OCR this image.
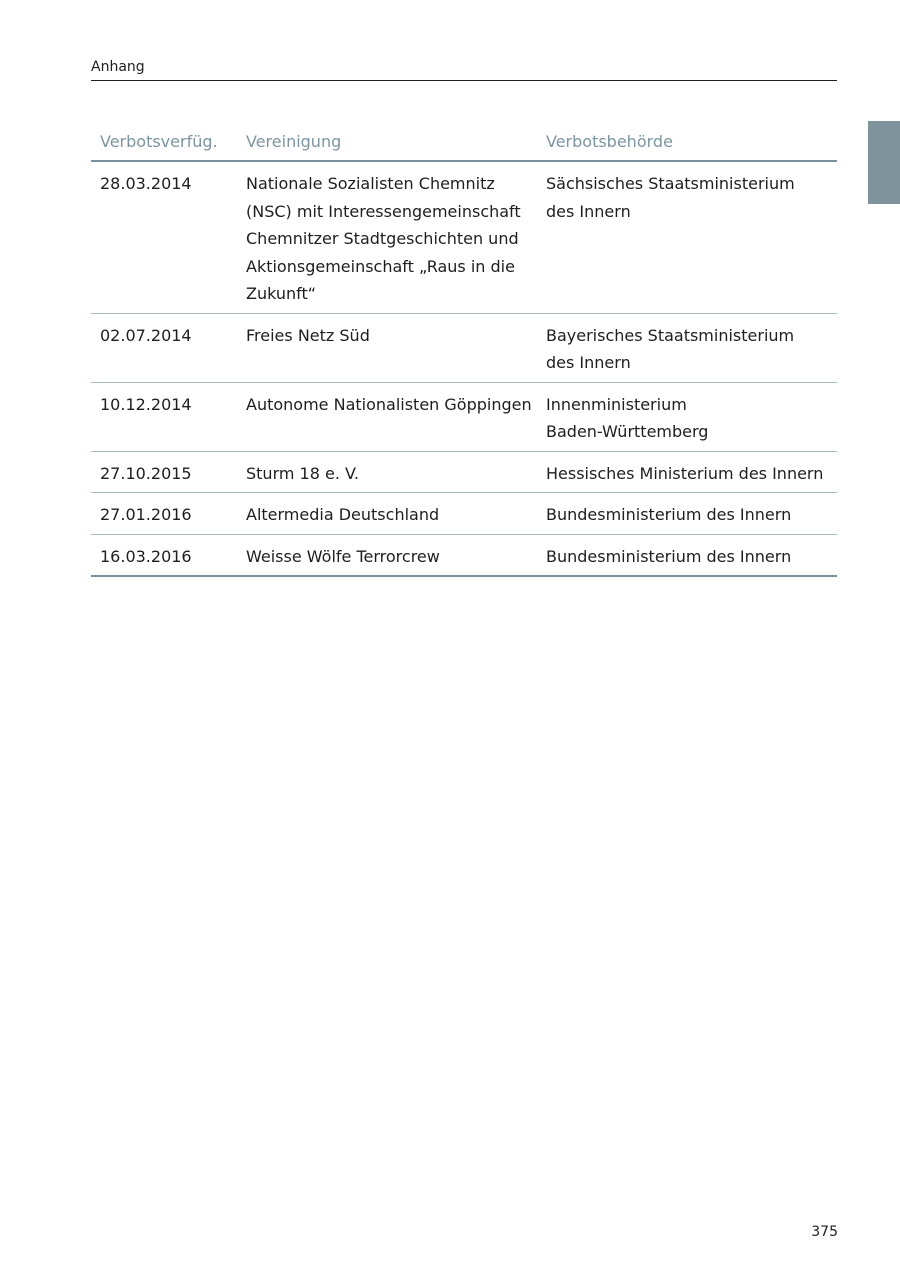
Anhang
Verbotsverfüg.	Vereinigung	Verbotsbehörde
28.03.2014	Nationale Sozialisten Chemnitz (NSC) mit Interessengemeinschaft Chemnitzer Stadtgeschichten und Aktionsgemeinschaft „Raus in die Zukunft“	Sächsisches Staatsministerium
des Innern
02.07.2014	Freies Netz Süd	Bayerisches Staatsministerium
des Innern
10.12.2014	Autonome Nationalisten Göppingen	Innenministerium
Baden-Württemberg
27.10.2015	Sturm 18 e. V.	Hessisches Ministerium des Innern
27.01.2016	Altermedia Deutschland	Bundesministerium des Innern
16.03.2016	Weisse Wölfe Terrorcrew	Bundesministerium des Innern
375
